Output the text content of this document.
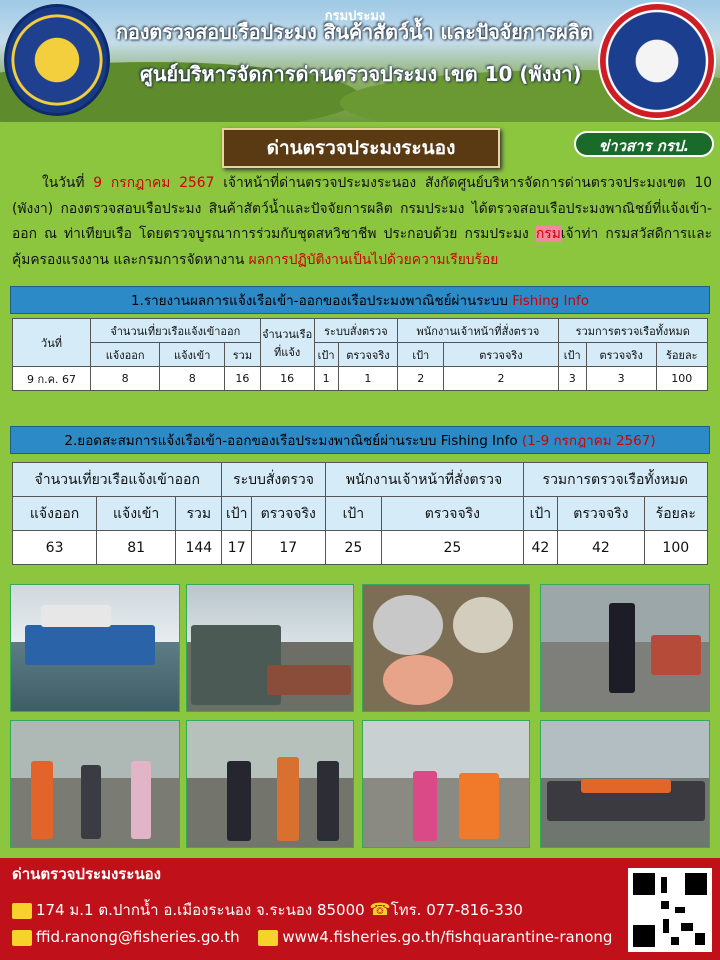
กรมประมง
กองตรวจสอบเรือประมง สินค้าสัตว์น้ำ และปัจจัยการผลิต
ศูนย์บริหารจัดการด่านตรวจประมง เขต 10 (พังงา)
ด่านตรวจประมงระนอง	ข่าวสาร กรป.
ในวันที่ 9 กรกฎาคม 2567 เจ้าหน้าที่ด่านตรวจประมงระนอง สังกัดศูนย์บริหารจัดการด่านตรวจประมงเขต 10 (พังงา) กองตรวจสอบเรือประมง สินค้าสัตว์น้ำและปัจจัยการผลิต กรมประมง ได้ตรวจสอบเรือประมงพาณิชย์ที่แจ้งเข้า-ออก ณ ท่าเทียบเรือ โดยตรวจบูรณาการร่วมกับชุดสหวิชาชีพ ประกอบด้วย กรมประมง กรมเจ้าท่า กรมสวัสดิการและคุ้มครองแรงงาน และกรมการจัดหางาน ผลการปฏิบัติงานเป็นไปด้วยความเรียบร้อย
1.รายงานผลการแจ้งเรือเข้า-ออกของเรือประมงพาณิชย์ผ่านระบบ Fishing Info
วันที่	จำนวนเที่ยวเรือแจ้งเข้าออก			จำนวนเรือที่แจ้ง	ระบบสั่งตรวจ		พนักงานเจ้าหน้าที่สั่งตรวจ		รวมการตรวจเรือทั้งหมด		
	แจ้งออก	แจ้งเข้า	รวม		เป้า	ตรวจจริง	เป้า	ตรวจจริง	เป้า	ตรวจจริง	ร้อยละ
9 ก.ค. 67	8	8	16	16	1	1	2	2	3	3	100
2.ยอดสะสมการแจ้งเรือเข้า-ออกของเรือประมงพาณิชย์ผ่านระบบ Fishing Info (1-9 กรกฎาคม 2567)
จำนวนเที่ยวเรือแจ้งเข้าออก			ระบบสั่งตรวจ		พนักงานเจ้าหน้าที่สั่งตรวจ		รวมการตรวจเรือทั้งหมด		

แจ้งออก	แจ้งเข้า	รวม	เป้า	ตรวจจริง	เป้า	ตรวจจริง	เป้า	ตรวจจริง	ร้อยละ
63	81	144	17	17	25	25	42	42	100
ด่านตรวจประมงระนอง
174 ม.1 ต.ปากน้ำ อ.เมืองระนอง จ.ระนอง 85000 ☎โทร. 077-816-330
ffid.ranong@fisheries.go.th	www4.fisheries.go.th/fishquarantine-ranong
